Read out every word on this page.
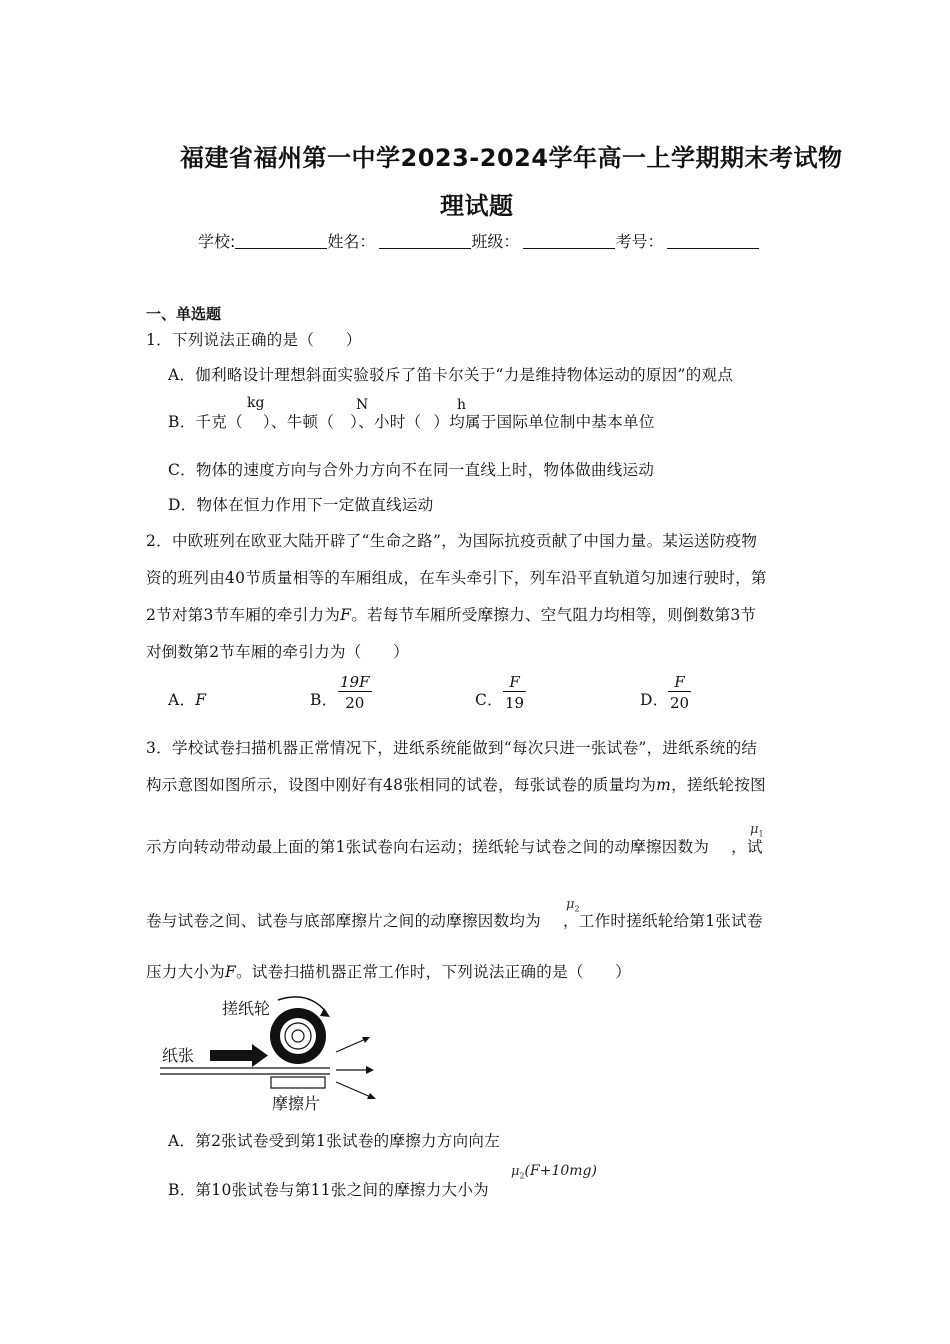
福建省福州第一中学2023-2024学年高一上学期期末考试物
理试题
学校:	姓名：	班级：	考号：
一、单选题
1．下列说法正确的是（　　）
A．伽利略设计理想斜面实验驳斥了笛卡尔关于“力是维持物体运动的原因”的观点
B．千克（ ）、牛顿（ ）、小时（ ）均属于国际单位制中基本单位
kg	N	h
C．物体的速度方向与合外力方向不在同一直线上时，物体做曲线运动
D．物体在恒力作用下一定做直线运动
2．中欧班列在欧亚大陆开辟了“生命之路”，为国际抗疫贡献了中国力量。某运送防疫物
资的班列由40节质量相等的车厢组成，在车头牵引下，列车沿平直轨道匀加速行驶时，第
2节对第3节车厢的牵引力为F。若每节车厢所受摩擦力、空气阻力均相等，则倒数第3节
对倒数第2节车厢的牵引力为（　　）
A．F	B． $\frac{19F}{20}$	C． $\frac{F}{19}$	D． $\frac{F}{20}$
3．学校试卷扫描机器正常情况下，进纸系统能做到“每次只进一张试卷”，进纸系统的结
构示意图如图所示，设图中刚好有48张相同的试卷，每张试卷的质量均为m，搓纸轮按图
示方向转动带动最上面的第1张试卷向右运动；搓纸轮与试卷之间的动摩擦因数为 ，试
$\mu_1$
卷与试卷之间、试卷与底部摩擦片之间的动摩擦因数均为 ，工作时搓纸轮给第1张试卷
$\mu_2$
压力大小为F。试卷扫描机器正常工作时，下列说法正确的是（　　）
搓纸轮
纸张
摩擦片
A．第2张试卷受到第1张试卷的摩擦力方向向左
B．第10张试卷与第11张之间的摩擦力大小为
$\mu_2(F+10mg)$
